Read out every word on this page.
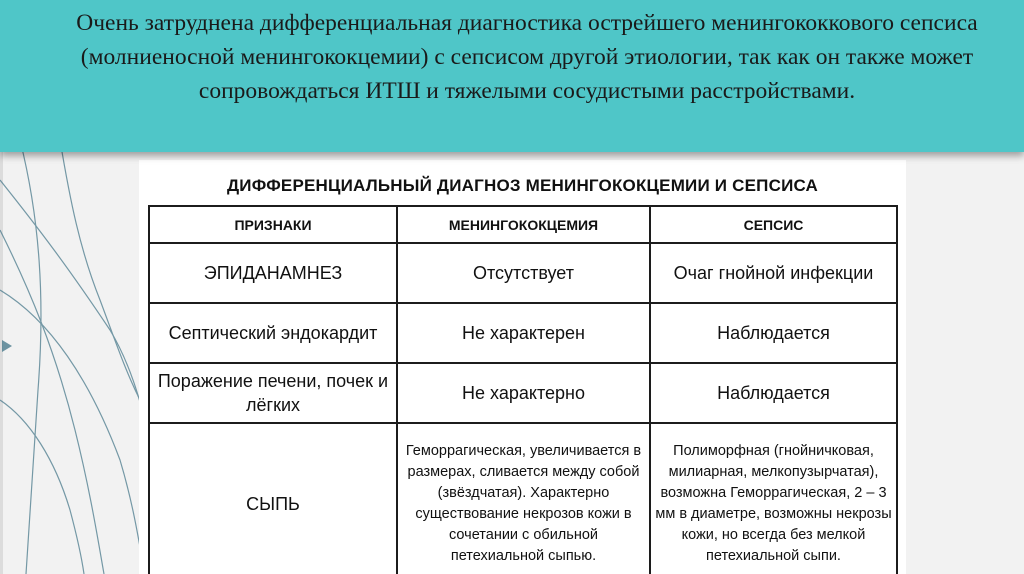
Очень затруднена дифференциальная диагностика острейшего менингококкового сепсиса (молниеносной менингококцемии) с сепсисом другой этиологии, так как он также может сопровождаться ИТШ и тяжелыми сосудистыми расстройствами.
ДИФФЕРЕНЦИАЛЬНЫЙ ДИАГНОЗ МЕНИНГОКОКЦЕМИИ И СЕПСИСА
ПРИЗНАКИ	МЕНИНГОКОКЦЕМИЯ	СЕПСИС
ЭПИДАНАМНЕЗ	Отсутствует	Очаг гнойной инфекции
Септический эндокардит	Не характерен	Наблюдается
Поражение печени, почек и лёгких	Не характерно	Наблюдается
СЫПЬ	Геморрагическая, увеличивается в размерах, сливается между собой (звёздчатая). Характерно существование некрозов кожи в сочетании с обильной петехиальной сыпью.	Полиморфная (гнойничковая, милиарная, мелкопузырчатая), возможна Геморрагическая, 2 – 3 мм в диаметре, возможны некрозы кожи, но всегда без мелкой петехиальной сыпи.
